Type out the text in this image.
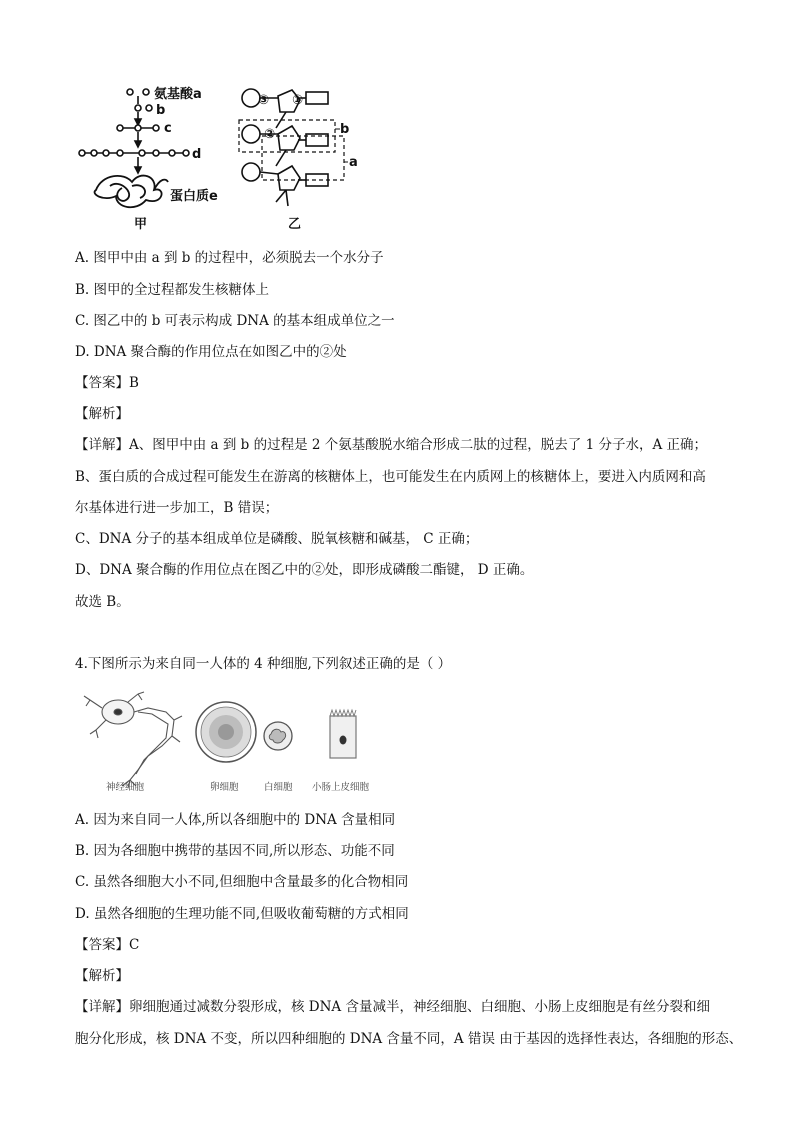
氨基酸a
b
c
d
蛋白质e
甲
③ ①
②	b
a
乙
A. 图甲中由 a 到 b 的过程中，必须脱去一个水分子
B. 图甲的全过程都发生核糖体上
C. 图乙中的 b 可表示构成 DNA 的基本组成单位之一
D. DNA 聚合酶的作用位点在如图乙中的②处
【答案】B
【解析】
【详解】A、图甲中由 a 到 b 的过程是 2 个氨基酸脱水缩合形成二肽的过程，脱去了 1 分子水，A 正确；
B、蛋白质的合成过程可能发生在游离的核糖体上，也可能发生在内质网上的核糖体上，要进入内质网和高
尔基体进行进一步加工，B 错误；
C、DNA 分子的基本组成单位是磷酸、脱氧核糖和碱基， C 正确；
D、DNA 聚合酶的作用位点在图乙中的②处，即形成磷酸二酯键， D 正确。
故选 B。
4.下图所示为来自同一人体的 4 种细胞,下列叙述正确的是（ ）
神经细胞	卵细胞	白细胞 小肠上皮细胞
A. 因为来自同一人体,所以各细胞中的 DNA 含量相同
B. 因为各细胞中携带的基因不同,所以形态、功能不同
C. 虽然各细胞大小不同,但细胞中含量最多的化合物相同
D. 虽然各细胞的生理功能不同,但吸收葡萄糖的方式相同
【答案】C
【解析】
【详解】卵细胞通过减数分裂形成，核 DNA 含量减半，神经细胞、白细胞、小肠上皮细胞是有丝分裂和细
胞分化形成，核 DNA 不变，所以四种细胞的 DNA 含量不同，A 错误 由于基因的选择性表达，各细胞的形态、
